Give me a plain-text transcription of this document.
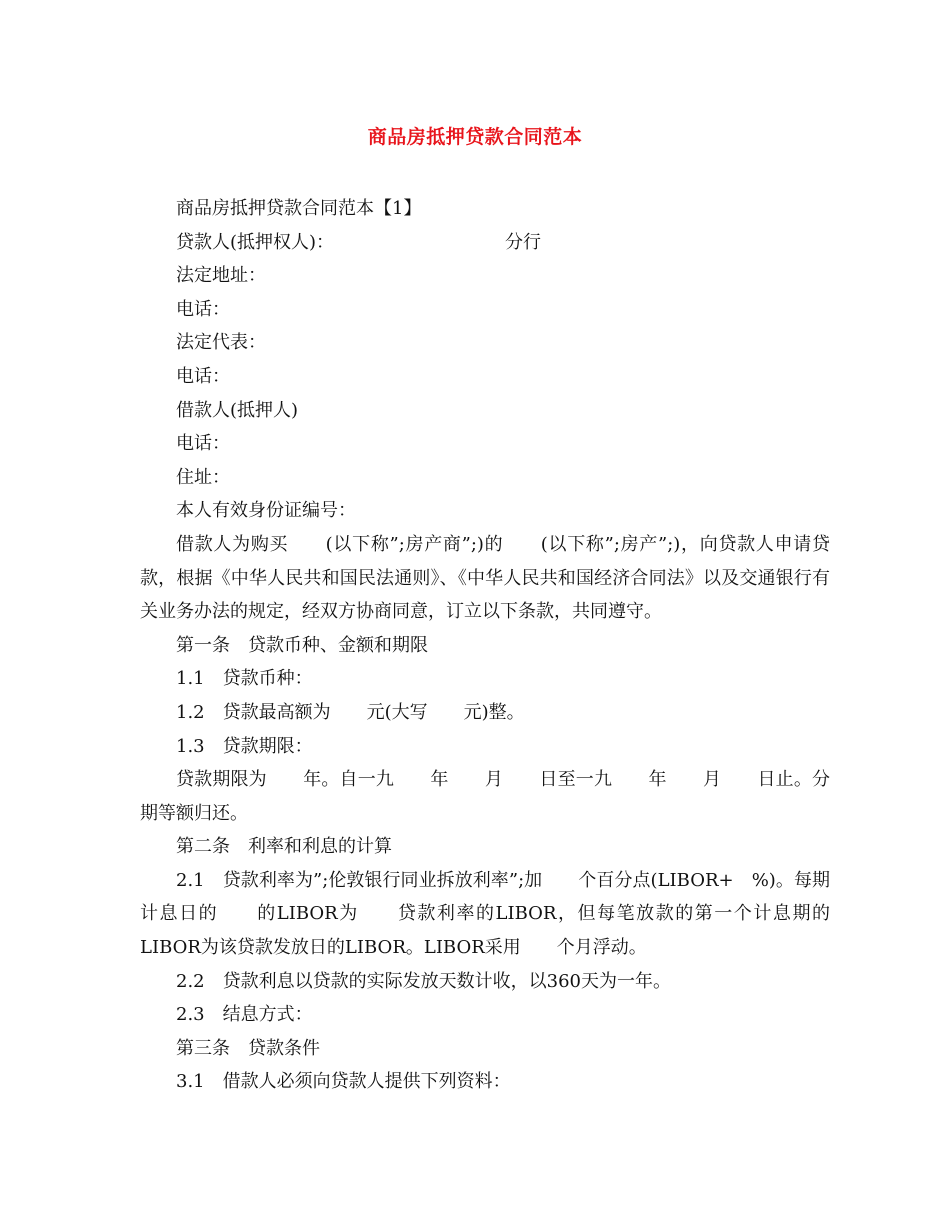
商品房抵押贷款合同范本

商品房抵押贷款合同范本【1】

贷款人(抵押权人)：　　　　　　　　　　分行

法定地址：

电话：

法定代表：

电话：

借款人(抵押人)

电话：

住址：

本人有效身份证编号：

借款人为购买　　(以下称”;房产商”;)的　　(以下称”;房产”;)，向贷款人申请贷款，根据《中华人民共和国民法通则》、《中华人民共和国经济合同法》以及交通银行有关业务办法的规定，经双方协商同意，订立以下条款，共同遵守。

第一条　贷款币种、金额和期限

1.1　贷款币种：

1.2　贷款最高额为　　元(大写　　元)整。

1.3　贷款期限：

贷款期限为　　年。自一九　　年　　月　　日至一九　　年　　月　　日止。分　　期等额归还。

第二条　利率和利息的计算

2.1　贷款利率为”;伦敦银行同业拆放利率”;加　　个百分点(LIBOR+　%)。每期计息日的　　的LIBOR为　　贷款利率的LIBOR，但每笔放款的第一个计息期的LIBOR为该贷款发放日的LIBOR。LIBOR采用　　个月浮动。

2.2　贷款利息以贷款的实际发放天数计收，以360天为一年。

2.3　结息方式：

第三条　贷款条件

3.1　借款人必须向贷款人提供下列资料：
